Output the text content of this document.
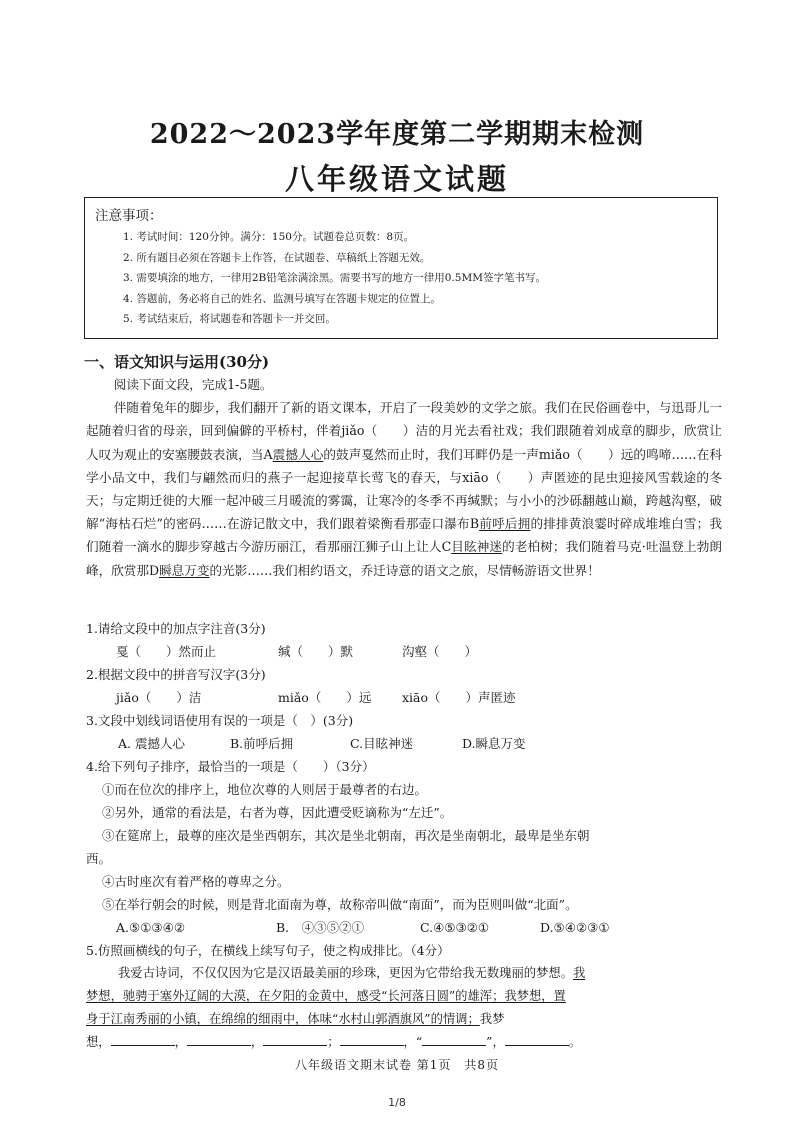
2022～2023学年度第二学期期末检测
八年级语文试题
注意事项：
1. 考试时间：120分钟。满分：150分。试题卷总页数：8页。
2. 所有题目必须在答题卡上作答，在试题卷、草稿纸上答题无效。
3. 需要填涂的地方，一律用2B铅笔涂满涂黑。需要书写的地方一律用0.5MM签字笔书写。
4. 答题前，务必将自己的姓名、监测号填写在答题卡规定的位置上。
5. 考试结束后，将试题卷和答题卡一并交回。
一、语文知识与运用(30分)

阅读下面文段，完成1-5题。

伴随着兔年的脚步，我们翻开了新的语文课本，开启了一段美妙的文学之旅。我们在民俗画卷中，与迅哥儿一起随着归省的母亲，回到偏僻的平桥村，伴着jiǎo（　　）洁的月光去看社戏；我们跟随着刘成章的脚步，欣赏让人叹为观止的安塞腰鼓表演，当A震撼人心的鼓声戛然而止时，我们耳畔仍是一声miǎo（　　）远的鸣啼……在科学小品文中，我们与翩然而归的燕子一起迎接草长莺飞的春天，与xiāo（　　）声匿迹的昆虫迎接风雪载途的冬天；与定期迁徙的大雁一起冲破三月暖流的雾霭，让寒冷的冬季不再缄默；与小小的沙砾翻越山巅，跨越沟壑，破解“海枯石烂”的密码……在游记散文中，我们跟着梁衡看那壶口瀑布B前呼后拥的排排黄浪霎时碎成堆堆白雪；我们随着一滴水的脚步穿越古今游历丽江，看那丽江狮子山上让人C目眩神迷的老柏树；我们随着马克·吐温登上勃朗峰，欣赏那D瞬息万变的光影……我们相约语文，乔迁诗意的语文之旅，尽情畅游语文世界！

1.请给文段中的加点字注音(3分)
戛（　　）然而止	缄（　　）默	沟壑（　　）
2.根据文段中的拼音写汉字(3分)
jiǎo（　　）洁	miǎo（　　）远 xiāo（　　）声匿迹
3.文段中划线词语使用有误的一项是（　）(3分)
A. 震撼人心	B.前呼后拥	C.目眩神迷	D.瞬息万变
4.给下列句子排序，最恰当的一项是（　　）（3分）
①而在位次的排序上，地位次尊的人则居于最尊者的右边。
②另外，通常的看法是，右者为尊，因此遭受贬谪称为“左迁”。
③在筵席上，最尊的座次是坐西朝东，其次是坐北朝南，再次是坐南朝北，最卑是坐东朝
西。
④古时座次有着严格的尊卑之分。
⑤在举行朝会的时候，则是背北面南为尊，故称帝叫做“南面”，而为臣则叫做“北面”。
A.⑤①③④②	B.　④③⑤②①	C.④⑤③②①	D.⑤④②③①
5.仿照画横线的句子，在横线上续写句子，使之构成排比。（4分）
我爱古诗词，不仅仅因为它是汉语最美丽的珍珠，更因为它带给我无数瑰丽的梦想。我
梦想，驰骋于塞外辽阔的大漠，在夕阳的金黄中，感受“长河落日圆”的雄浑；我梦想，置
身于江南秀丽的小镇，在绵绵的细雨中，体味“水村山郭酒旗风”的情调；我梦
想，	，	，	；	，“	”，	。
八年级语文期末试卷 第1页　共8页
1/8
